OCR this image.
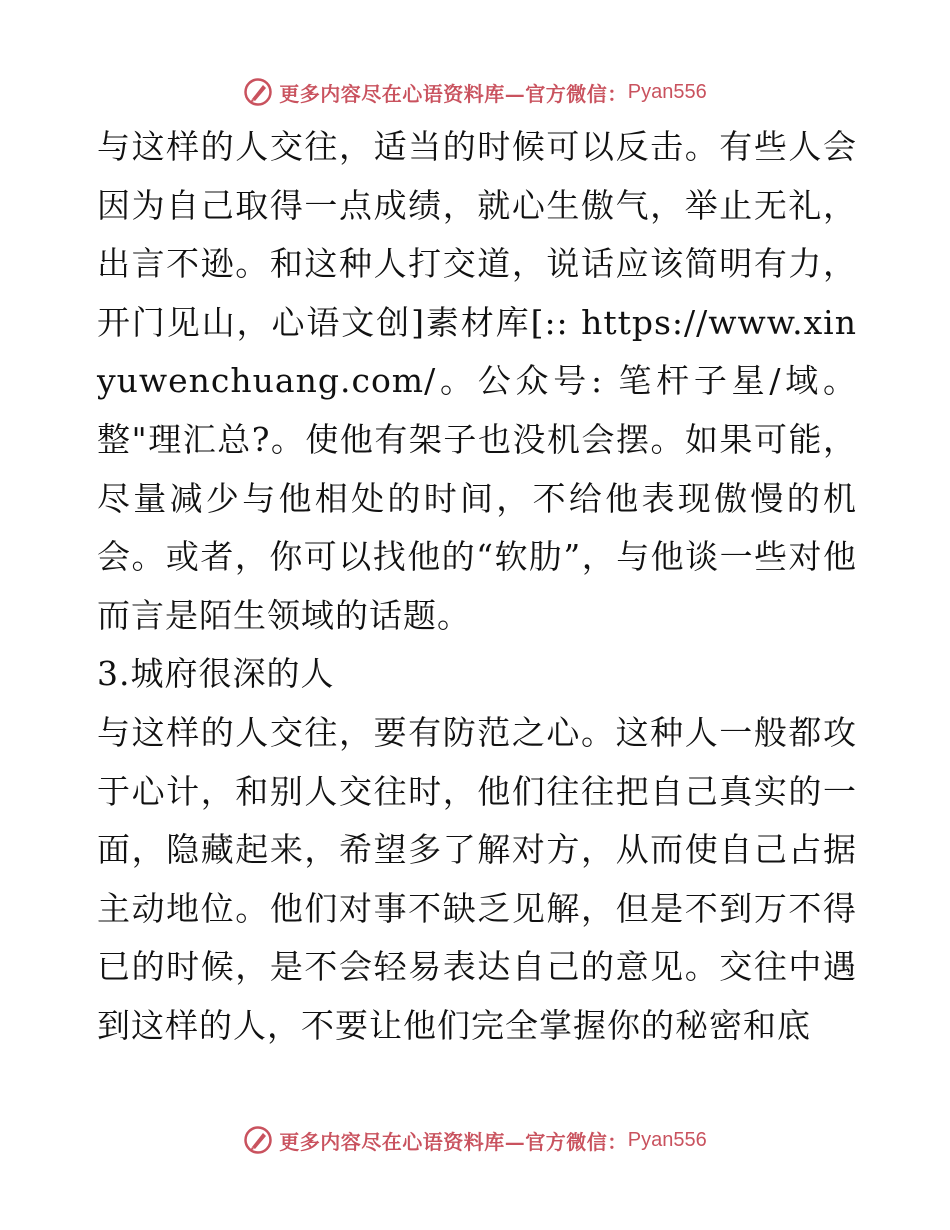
更多内容尽在心语资料库—官方微信： Pyan556

与这样的人交往，适当的时候可以反击。有些人会因为自己取得一点成绩，就心生傲气，举止无礼，出言不逊。和这种人打交道，说话应该简明有力，开门见山，心语文创]素材库[:: https://www.xinyuwenchuang.com/。公众号: 笔杆子星/域。整"理汇总?。使他有架子也没机会摆。如果可能，尽量减少与他相处的时间，不给他表现傲慢的机会。或者，你可以找他的“软肋”，与他谈一些对他而言是陌生领域的话题。

3.城府很深的人

与这样的人交往，要有防范之心。这种人一般都攻于心计，和别人交往时，他们往往把自己真实的一面，隐藏起来，希望多了解对方，从而使自己占据主动地位。他们对事不缺乏见解，但是不到万不得已的时候，是不会轻易表达自己的意见。交往中遇到这样的人，不要让他们完全掌握你的秘密和底

更多内容尽在心语资料库—官方微信： Pyan556
